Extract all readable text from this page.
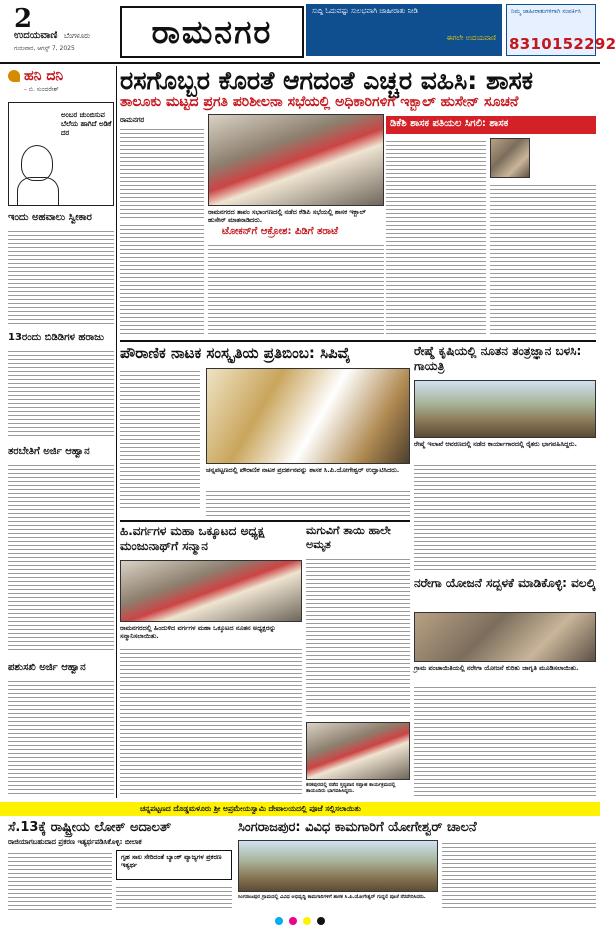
2
ಉದಯವಾಣಿ ಬೆಂಗಳೂರು
ಗುರುವಾರ, ಆಗಸ್ಟ್ 7, 2025	ರಾಮನಗರ
ಸುದ್ದಿ ಓದುವಷ್ಟು ಸುಲಭವಾಗಿ ಜಾಹೀರಾತು ನೀಡಿ
ಈಗಲೇ ಉದಯವಾಣಿ
ನಿಮ್ಮ ಜಾಹೀರಾತುಗಳಿಗಾಗಿ ಸಂಪರ್ಕಿಸಿ
8310152292
ಹನಿ ದನಿ
– ಬಿ. ಸುಂದರೇಶ್
ಅಂಬರ ಚುಂಬಿಸುವ ಬೆಲೆಯ ಹಾಗಿದೆ ಅಡಿಕೆ ದರ
ಇಂದು ಅಹವಾಲು ಸ್ವೀಕಾರ
13ರಂದು ಬಿಡಿಡಿಗಳ ಹರಾಜು
ತರಬೇತಿಗೆ ಅರ್ಜಿ ಆಹ್ವಾನ
ಪಶುಸಖಿ ಅರ್ಜಿ ಆಹ್ವಾನ
ರಸಗೊಬ್ಬರ ಕೊರತೆ ಆಗದಂತೆ ಎಚ್ಚರ ವಹಿಸಿ: ಶಾಸಕ
ತಾಲೂಕು ಮಟ್ಟದ ಪ್ರಗತಿ ಪರಿಶೀಲನಾ ಸಭೆಯಲ್ಲಿ ಅಧಿಕಾರಿಗಳಿಗೆ ಇಕ್ಬಾಲ್ ಹುಸೇನ್ ಸೂಚನೆ
ರಾಮನಗರ
ರಾಮನಗರದ ತಾಪಂ ಸಭಾಂಗಣದಲ್ಲಿ ನಡೆದ ಕೆಡಿಪಿ ಸಭೆಯಲ್ಲಿ ಶಾಸಕ ಇಕ್ಬಾಲ್ ಹುಸೇನ್ ಮಾತನಾಡಿದರು.
ಟೋಕನ್‌ಗೆ ಆಕ್ರೋಶ: ಪಿಡಿಗೆ ತರಾಟೆ
ಡಿಕೆಶಿ ಶಾಸಕ ಪತಿಯಲ ಸಿಗಲಿ: ಶಾಸಕ
ಪೌರಾಣಿಕ ನಾಟಕ ಸಂಸ್ಕೃತಿಯ ಪ್ರತಿಬಿಂಬ: ಸಿಪಿವೈ
ಚನ್ನಪಟ್ಟಣದಲ್ಲಿ ಪೌರಾಣಿಕ ನಾಟಕ ಪ್ರದರ್ಶನವನ್ನು ಶಾಸಕ ಸಿ.ಪಿ.ಯೋಗೇಶ್ವರ್ ಉದ್ಘಾಟಿಸಿದರು.
ರೇಷ್ಮೆ ಕೃಷಿಯಲ್ಲಿ ನೂತನ ತಂತ್ರಜ್ಞಾನ ಬಳಸಿ: ಗಾಯತ್ರಿ
ರೇಷ್ಮೆ ಇಲಾಖೆ ಆವರಣದಲ್ಲಿ ನಡೆದ ಕಾರ್ಯಾಗಾರದಲ್ಲಿ ರೈತರು ಭಾಗವಹಿಸಿದ್ದರು.
ಹಿ.ವರ್ಗಗಳ ಮಹಾ ಒಕ್ಕೂಟದ ಅಧ್ಯಕ್ಷ ಮಂಜುನಾಥ್‌ಗೆ ಸನ್ಮಾನ
ರಾಮನಗರದಲ್ಲಿ ಹಿಂದುಳಿದ ವರ್ಗಗಳ ಮಹಾ ಒಕ್ಕೂಟದ ನೂತನ ಅಧ್ಯಕ್ಷರನ್ನು ಸನ್ಮಾನಿಸಲಾಯಿತು.
ಮಗುವಿಗೆ ತಾಯಿ ಹಾಲೇ ಅಮೃತ
ಕನಕಪುರದಲ್ಲಿ ನಡೆದ ಸ್ತನ್ಯಪಾನ ಸಪ್ತಾಹ ಕಾರ್ಯಕ್ರಮದಲ್ಲಿ ತಾಯಂದಿರು ಭಾಗವಹಿಸಿದ್ದರು.
ನರೇಗಾ ಯೋಜನೆ ಸದ್ಬಳಕೆ ಮಾಡಿಕೊಳ್ಳಿ: ವಲಲ್ಕಿ
ಗ್ರಾಮ ಪಂಚಾಯಿತಿಯಲ್ಲಿ ನರೇಗಾ ಯೋಜನೆ ಕುರಿತು ಜಾಗೃತಿ ಮೂಡಿಸಲಾಯಿತು.
ಚನ್ನಪಟ್ಟಣದ ದೊಡ್ಡಮಳೂರು ಶ್ರೀ ಅಪ್ರಮೇಯಸ್ವಾಮಿ ದೇವಾಲಯದಲ್ಲಿ ಪೂಜೆ ಸಲ್ಲಿಸಲಾಯಿತು
ಸೆ.13ಕ್ಕೆ ರಾಷ್ಟ್ರೀಯ ಲೋಕ್ ಅದಾಲತ್
ರಾಜಿಯಾಗಬಹುದಾದ ಪ್ರಕರಣ ಇತ್ಯರ್ಥಪಡಿಸಿಕೊಳ್ಳಿ: ಬೀಲಾಕ
ಗೃಹ ಸಾಲ ಸೇರಿದಂತೆ ಬ್ಯಾಂಕ್ ವ್ಯಾಜ್ಯಗಳ ಪ್ರಕರಣ ಇತ್ಯರ್ಥ
ಸಿಂಗರಾಜಪುರ: ವಿವಿಧ ಕಾಮಗಾರಿಗೆ ಯೋಗೇಶ್ವರ್ ಚಾಲನೆ
ಸಿಂಗರಾಜಪುರ ಗ್ರಾಮದಲ್ಲಿ ವಿವಿಧ ಅಭಿವೃದ್ಧಿ ಕಾಮಗಾರಿಗಳಿಗೆ ಶಾಸಕ ಸಿ.ಪಿ.ಯೋಗೇಶ್ವರ್ ಗುದ್ದಲಿ ಪೂಜೆ ನೆರವೇರಿಸಿದರು.
